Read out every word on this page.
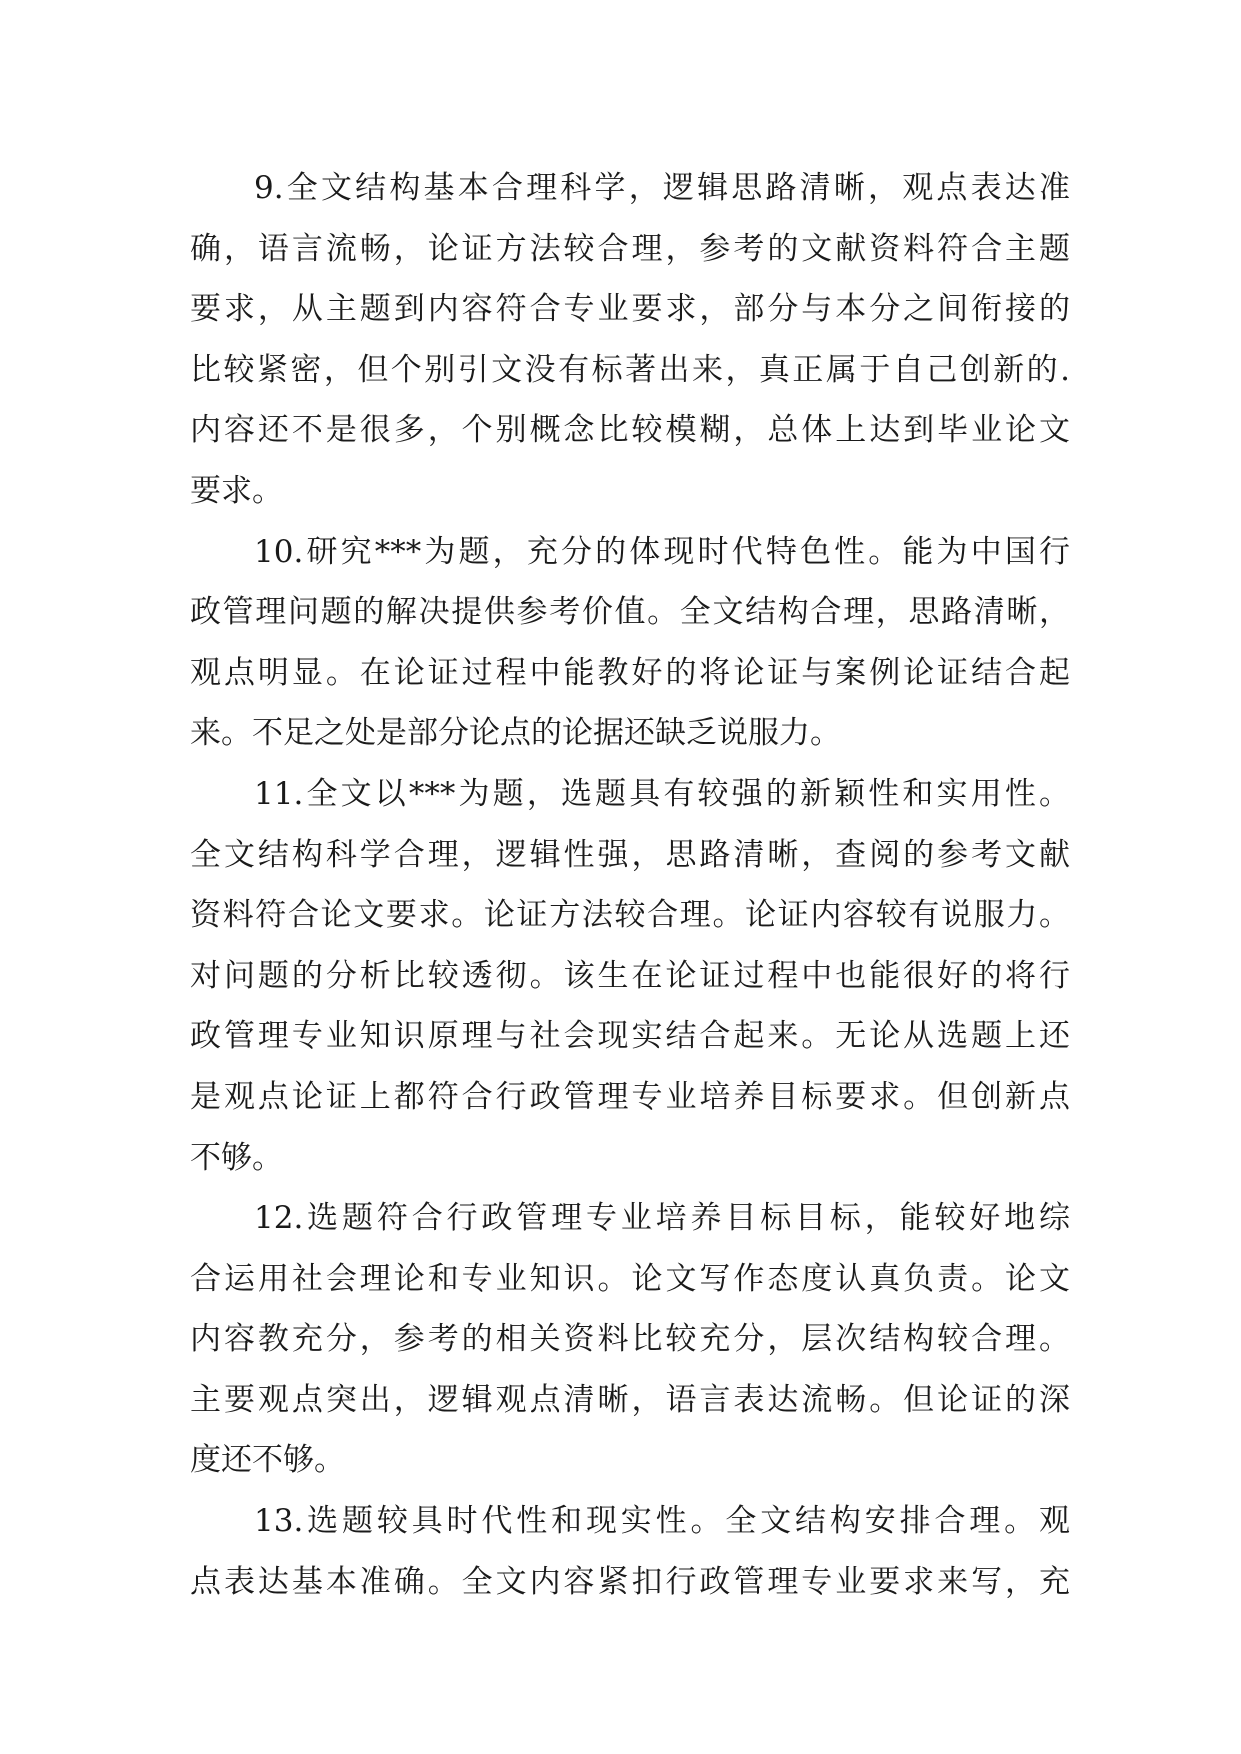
9.全文结构基本合理科学，逻辑思路清晰，观点表达准
确，语言流畅，论证方法较合理，参考的文献资料符合主题
要求，从主题到内容符合专业要求，部分与本分之间衔接的
比较紧密，但个别引文没有标著出来，真正属于自己创新的.
内容还不是很多，个别概念比较模糊，总体上达到毕业论文
要求。
10.研究***为题，充分的体现时代特色性。能为中国行
政管理问题的解决提供参考价值。全文结构合理，思路清晰，
观点明显。在论证过程中能教好的将论证与案例论证结合起
来。不足之处是部分论点的论据还缺乏说服力。
11.全文以***为题，选题具有较强的新颖性和实用性。
全文结构科学合理，逻辑性强，思路清晰，查阅的参考文献
资料符合论文要求。论证方法较合理。论证内容较有说服力。
对问题的分析比较透彻。该生在论证过程中也能很好的将行
政管理专业知识原理与社会现实结合起来。无论从选题上还
是观点论证上都符合行政管理专业培养目标要求。但创新点
不够。
12.选题符合行政管理专业培养目标目标，能较好地综
合运用社会理论和专业知识。论文写作态度认真负责。论文
内容教充分，参考的相关资料比较充分，层次结构较合理。
主要观点突出，逻辑观点清晰，语言表达流畅。但论证的深
度还不够。
13.选题较具时代性和现实性。全文结构安排合理。观
点表达基本准确。全文内容紧扣行政管理专业要求来写，充
